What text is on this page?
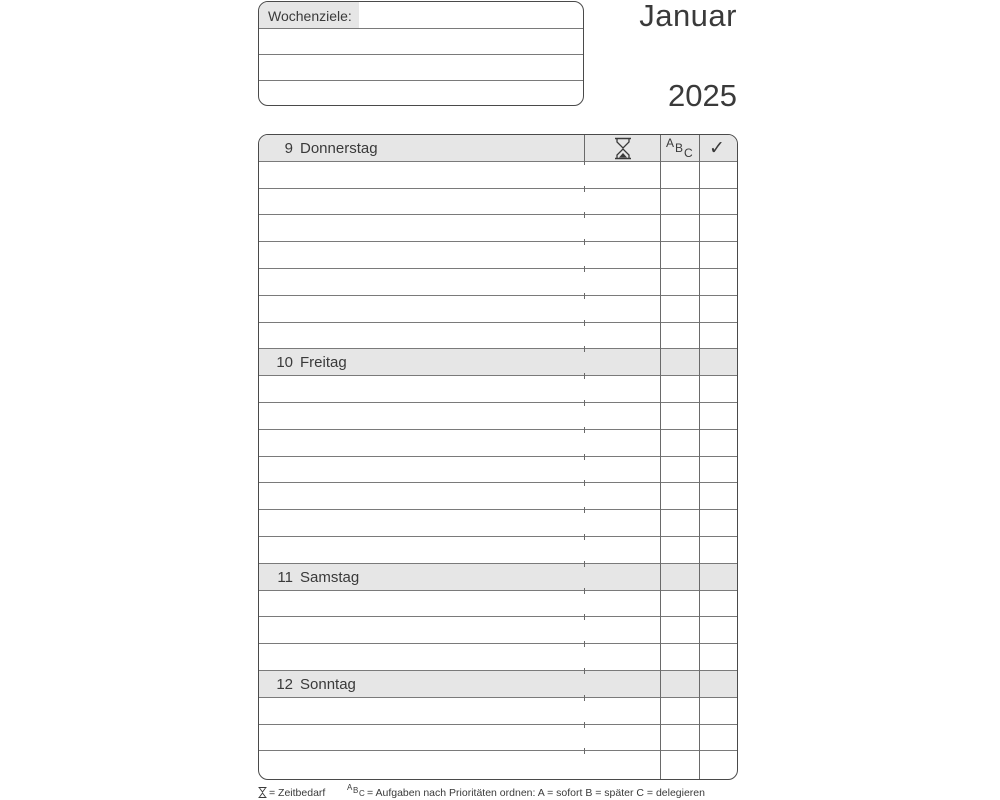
Wochenziele:	Januar
2025
9 Donnerstag
10 Freitag
11 Samstag
12 Sonntag
A B C ✓
= Zeitbedarf	A B C = Aufgaben nach Prioritäten ordnen: A = sofort B = später C = delegieren
